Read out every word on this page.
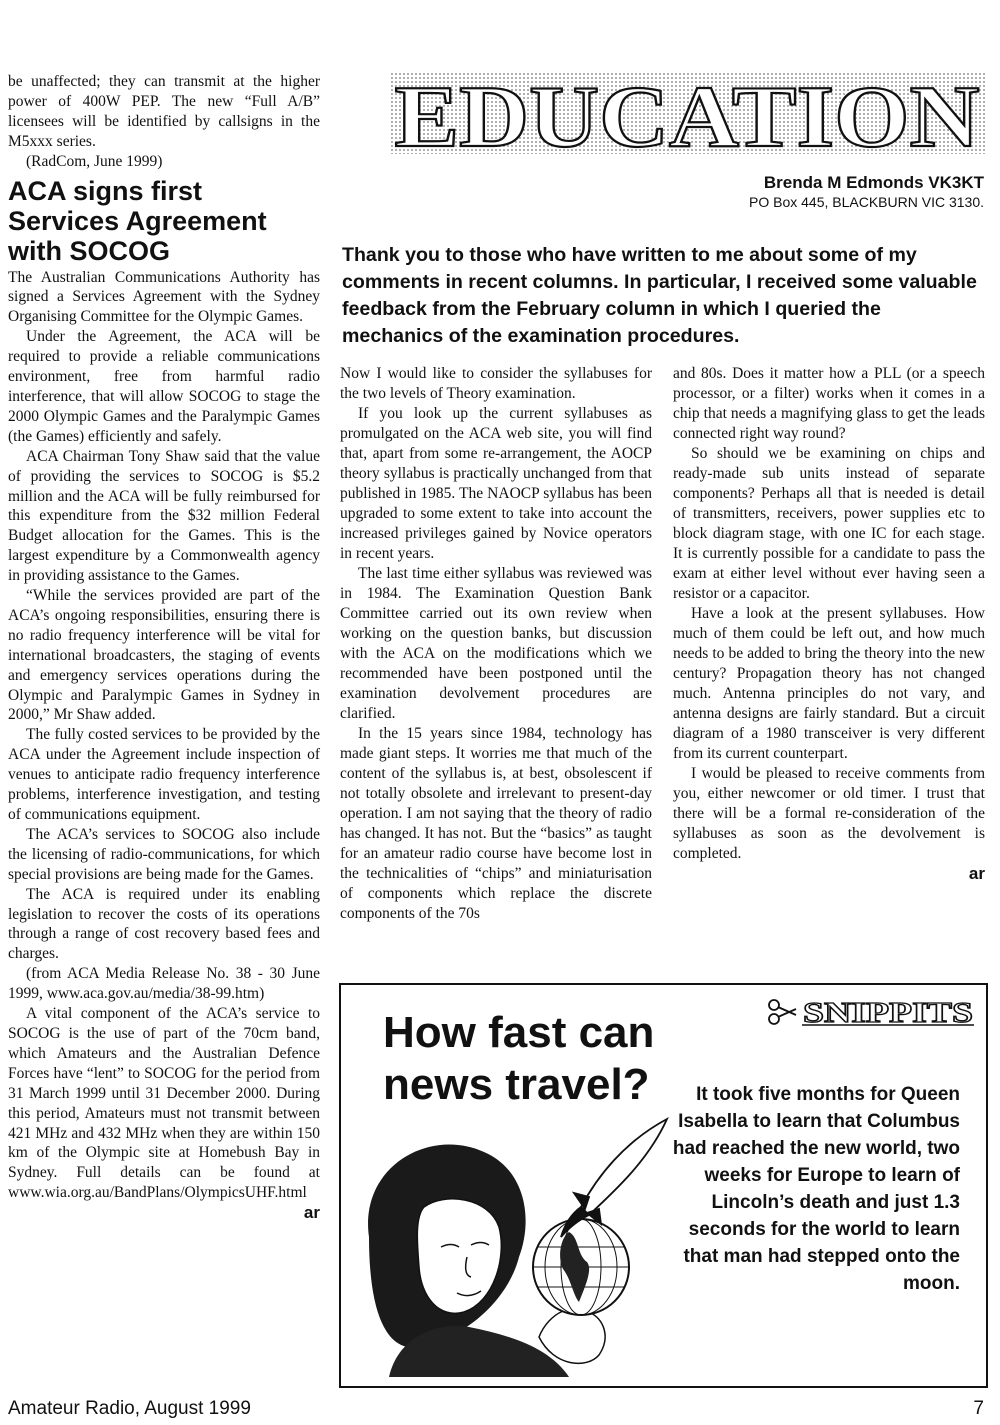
be unaffected; they can transmit at the higher power of 400W PEP. The new “Full A/B” licensees will be identified by callsigns in the M5xxx series.

(RadCom, June 1999)

ACA signs first Services Agreement with SOCOG

The Australian Communications Authority has signed a Services Agreement with the Sydney Organising Committee for the Olympic Games.

Under the Agreement, the ACA will be required to provide a reliable communications environment, free from harmful radio interference, that will allow SOCOG to stage the 2000 Olympic Games and the Paralympic Games (the Games) efficiently and safely.

ACA Chairman Tony Shaw said that the value of providing the services to SOCOG is $5.2 million and the ACA will be fully reimbursed for this expenditure from the $32 million Federal Budget allocation for the Games. This is the largest expenditure by a Commonwealth agency in providing assistance to the Games.

“While the services provided are part of the ACA’s ongoing responsibilities, ensuring there is no radio frequency interference will be vital for international broadcasters, the staging of events and emergency services operations during the Olympic and Paralympic Games in Sydney in 2000,” Mr Shaw added.

The fully costed services to be provided by the ACA under the Agreement include inspection of venues to anticipate radio frequency interference problems, interference investigation, and testing of communications equipment.

The ACA’s services to SOCOG also include the licensing of radio-communications, for which special provisions are being made for the Games.

The ACA is required under its enabling legislation to recover the costs of its operations through a range of cost recovery based fees and charges.

(from ACA Media Release No. 38 - 30 June 1999, www.aca.gov.au/media/38-99.htm)

A vital component of the ACA’s service to SOCOG is the use of part of the 70cm band, which Amateurs and the Australian Defence Forces have “lent” to SOCOG for the period from 31 March 1999 until 31 December 2000. During this period, Amateurs must not transmit between 421 MHz and 432 MHz when they are within 150 km of the Olympic site at Homebush Bay in Sydney. Full details can be found at www.wia.org.au/BandPlans/OlympicsUHF.html

ar
EDUCATION
Brenda M Edmonds VK3KT
PO Box 445, BLACKBURN VIC 3130.

Thank you to those who have written to me about some of my comments in recent columns. In particular, I received some valuable feedback from the February column in which I queried the mechanics of the examination procedures.

Now I would like to consider the syllabuses for the two levels of Theory examination.

If you look up the current syllabuses as promulgated on the ACA web site, you will find that, apart from some re-arrangement, the AOCP theory syllabus is practically unchanged from that published in 1985. The NAOCP syllabus has been upgraded to some extent to take into account the increased privileges gained by Novice operators in recent years.

The last time either syllabus was reviewed was in 1984. The Examination Question Bank Committee carried out its own review when working on the question banks, but discussion with the ACA on the modifications which we recommended have been postponed until the examination devolvement procedures are clarified.

In the 15 years since 1984, technology has made giant steps. It worries me that much of the content of the syllabus is, at best, obsolescent if not totally obsolete and irrelevant to present-day operation. I am not saying that the theory of radio has changed. It has not. But the “basics” as taught for an amateur radio course have become lost in the technicalities of “chips” and miniaturisation of components which replace the discrete components of the 70s

and 80s. Does it matter how a PLL (or a speech processor, or a filter) works when it comes in a chip that needs a magnifying glass to get the leads connected right way round?

So should we be examining on chips and ready-made sub units instead of separate components? Perhaps all that is needed is detail of transmitters, receivers, power supplies etc to block diagram stage, with one IC for each stage. It is currently possible for a candidate to pass the exam at either level without ever having seen a resistor or a capacitor.

Have a look at the present syllabuses. How much of them could be left out, and how much needs to be added to bring the theory into the new century? Propagation theory has not changed much. Antenna principles do not vary, and antenna designs are fairly standard. But a circuit diagram of a 1980 transceiver is very different from its current counterpart.

I would be pleased to receive comments from you, either newcomer or old timer. I trust that there will be a formal re-consideration of the syllabuses as soon as the devolvement is completed.

ar
SNIPPITS

How fast can
news travel?	It took five months for Queen Isabella to learn that Columbus had reached the new world, two weeks for Europe to learn of Lincoln’s death and just 1.3 seconds for the world to learn that man had stepped onto the moon.

Amateur Radio, August 1999	7
